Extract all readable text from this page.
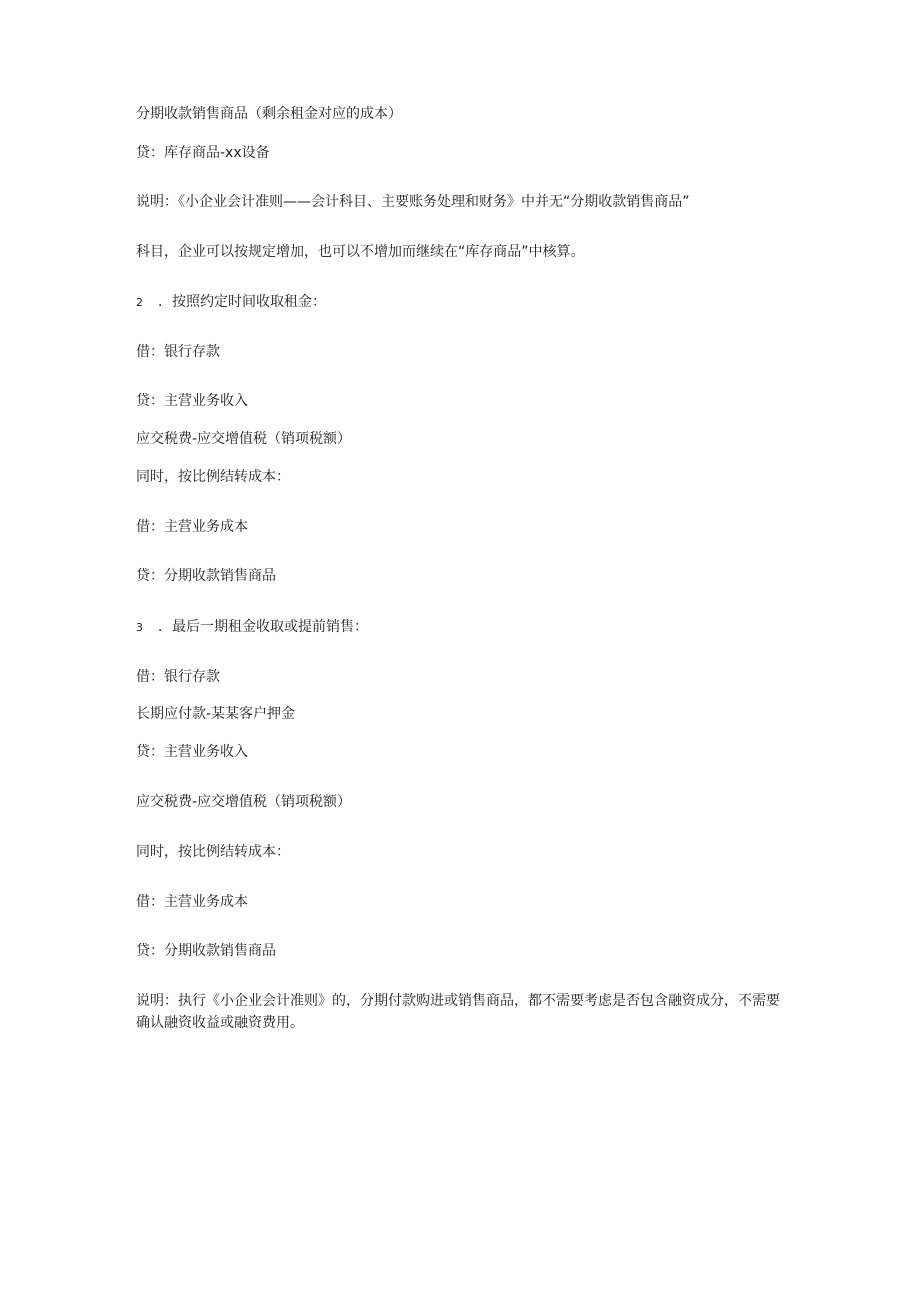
分期收款销售商品（剩余租金对应的成本）
贷：库存商品-xx设备
说明：《小企业会计准则——会计科目、主要账务处理和财务》中并无“分期收款销售商品”
科目，企业可以按规定增加，也可以不增加而继续在“库存商品”中核算。
2 ．按照约定时间收取租金：
借：银行存款
贷：主营业务收入
应交税费-应交增值税（销项税额）
同时，按比例结转成本：
借：主营业务成本
贷：分期收款销售商品
3 ．最后一期租金收取或提前销售：
借：银行存款
长期应付款-某某客户押金
贷：主营业务收入
应交税费-应交增值税（销项税额）
同时，按比例结转成本：
借：主营业务成本
贷：分期收款销售商品
说明：执行《小企业会计准则》的，分期付款购进或销售商品，都不需要考虑是否包含融资成分，不需要确认融资收益或融资费用。
